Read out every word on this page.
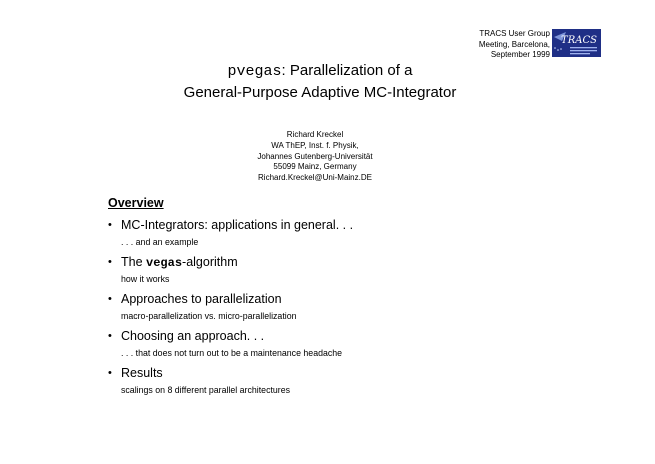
TRACS User Group
Meeting, Barcelona,
September 1999
TRACS
pvegas: Parallelization of a
General-Purpose Adaptive MC-Integrator
Richard Kreckel
WA ThEP, Inst. f. Physik,
Johannes Gutenberg-Universität
55099 Mainz, Germany
Richard.Kreckel@Uni-Mainz.DE
Overview
• MC-Integrators: applications in general. . .
. . . and an example
• The vegas-algorithm
how it works
• Approaches to parallelization
macro-parallelization vs. micro-parallelization
• Choosing an approach. . .
. . . that does not turn out to be a maintenance headache
• Results
scalings on 8 different parallel architectures
